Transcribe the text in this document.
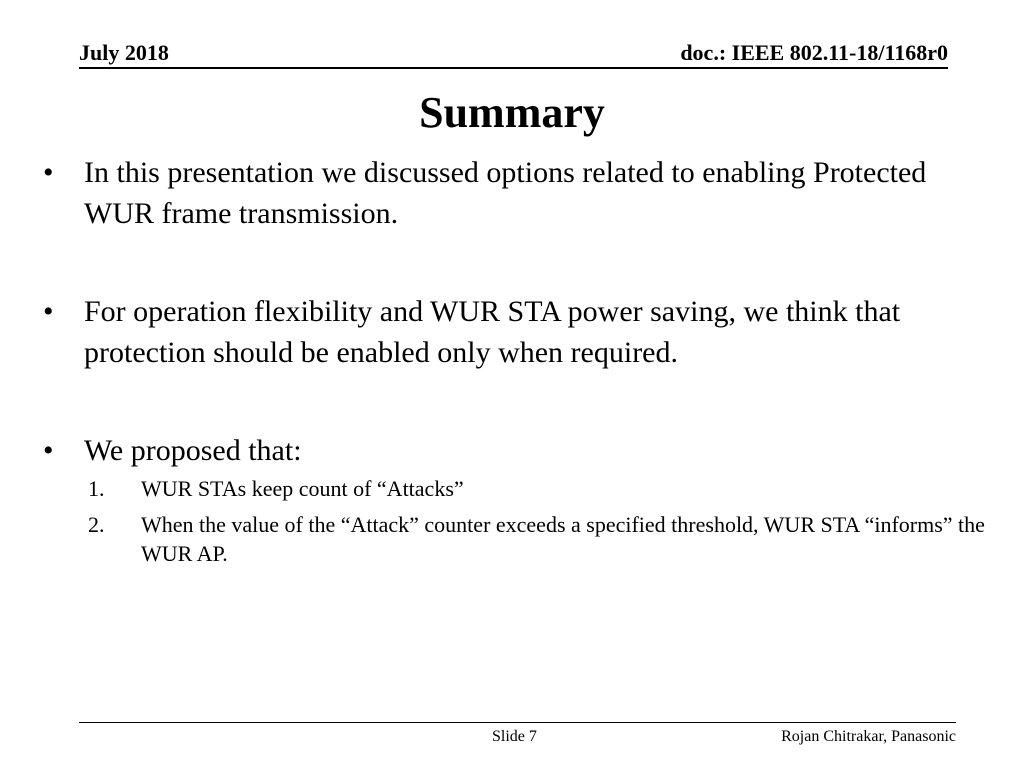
July 2018	doc.: IEEE 802.11-18/1168r0
Summary
•	In this presentation we discussed options related to enabling Protected WUR frame transmission.
•	For operation flexibility and WUR STA power saving, we think that protection should be enabled only when required.
•	We proposed that:
1. WUR STAs keep count of “Attacks”
2. When the value of the “Attack” counter exceeds a specified threshold, WUR STA “informs” the WUR AP.
Slide 7	Rojan Chitrakar, Panasonic
